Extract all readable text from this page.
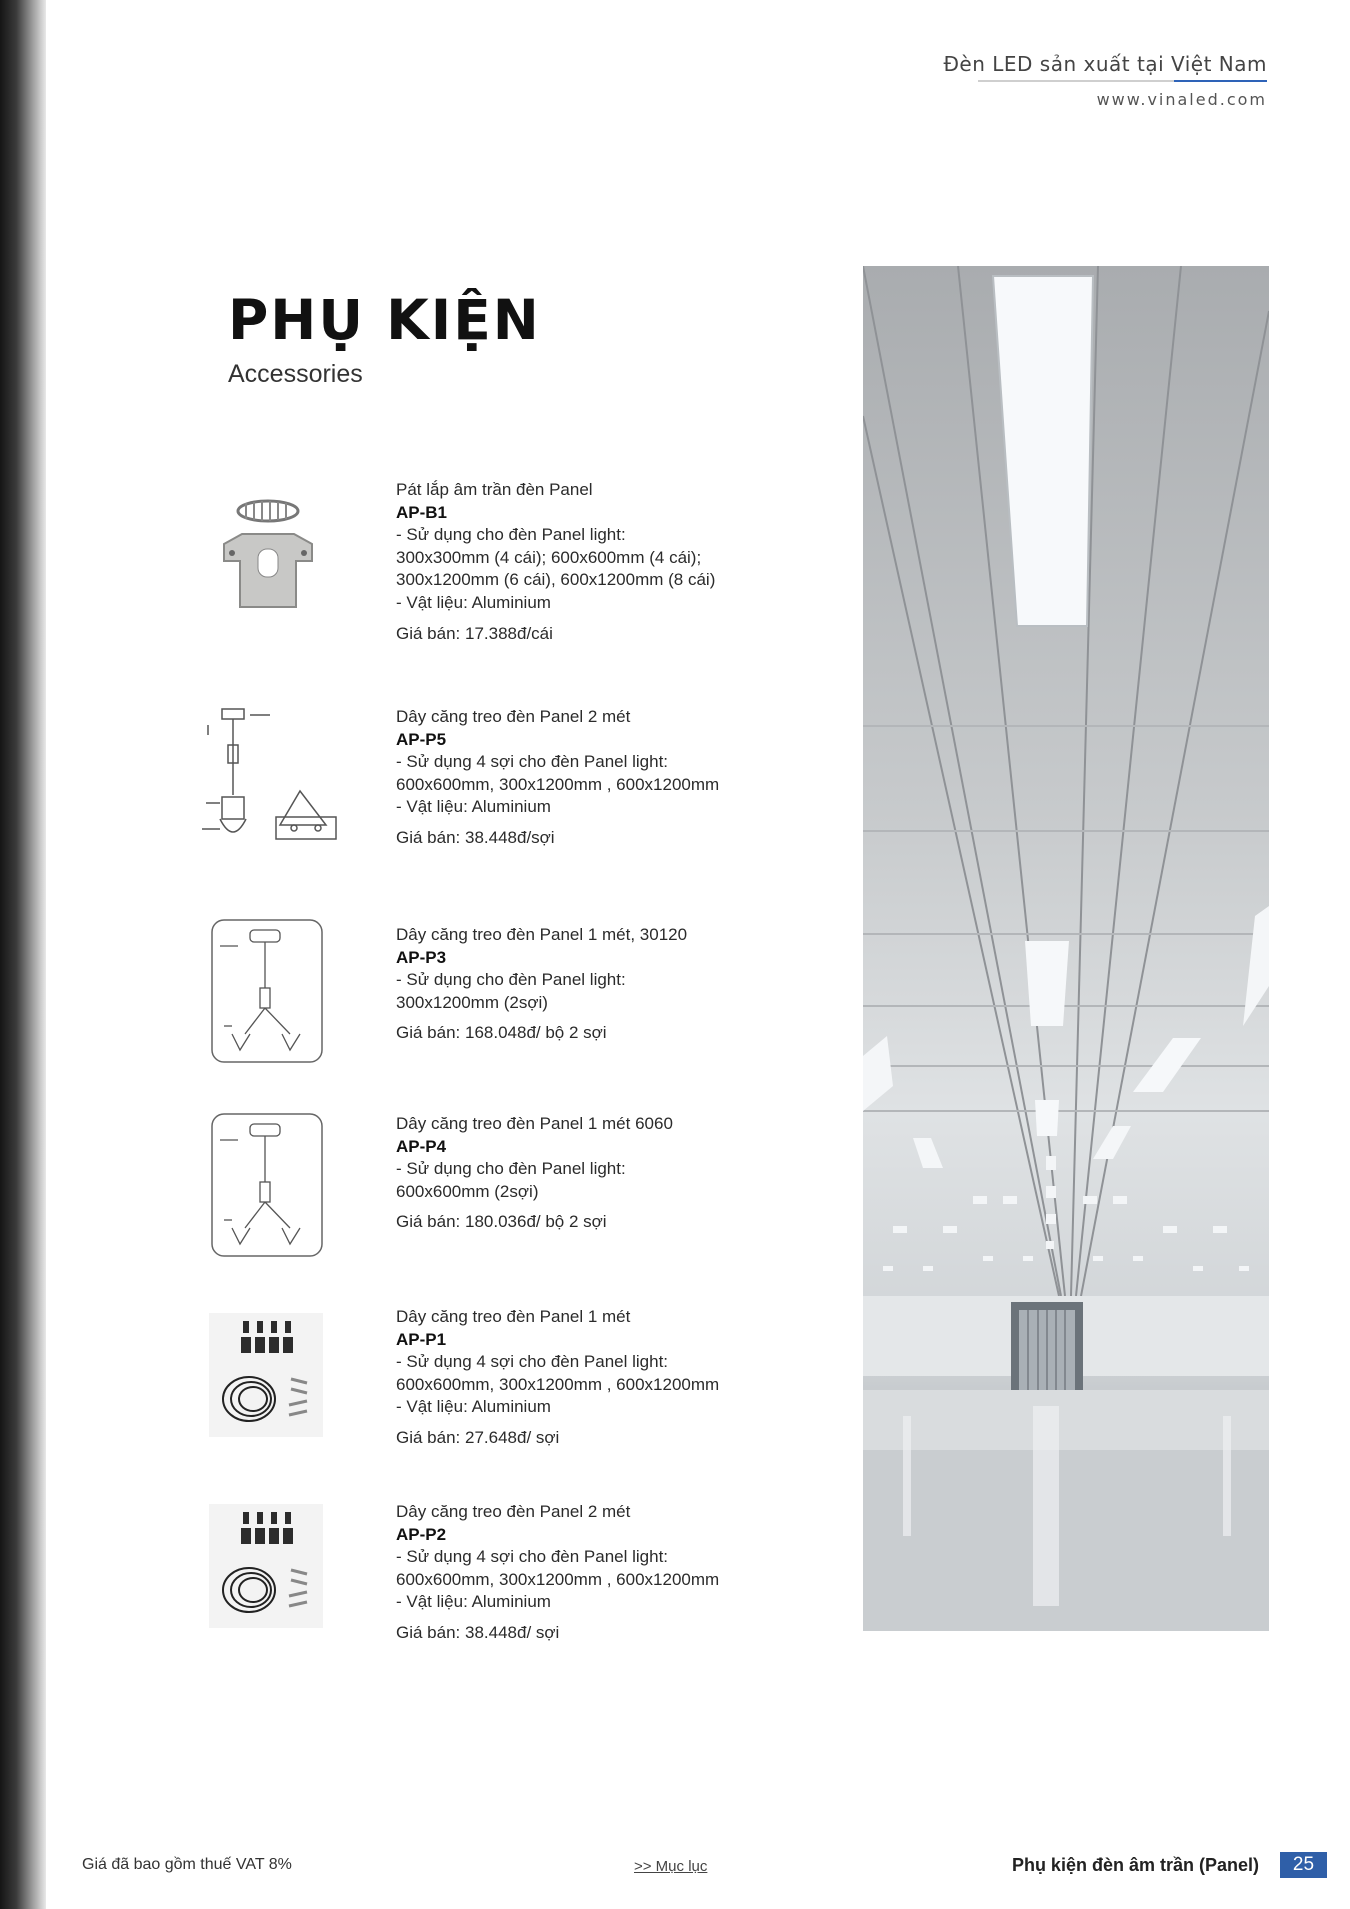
Đèn LED sản xuất tại Việt Nam
www.vinaled.com
PHỤ KIỆN
Accessories
Pát lắp âm trần đèn Panel
AP-B1
- Sử dụng cho đèn Panel light:
300x300mm (4 cái); 600x600mm (4 cái);
300x1200mm (6 cái), 600x1200mm (8 cái)
- Vật liệu: Aluminium
Giá bán: 17.388đ/cái
Dây căng treo đèn Panel 2 mét
AP-P5
- Sử dụng 4 sợi cho đèn Panel light:
600x600mm, 300x1200mm , 600x1200mm
- Vật liệu: Aluminium
Giá bán: 38.448đ/sợi
Dây căng treo đèn Panel 1 mét, 30120
AP-P3
- Sử dụng cho đèn Panel light:
300x1200mm (2sợi)
Giá bán: 168.048đ/ bộ 2 sợi
Dây căng treo đèn Panel 1 mét 6060
AP-P4
- Sử dụng cho đèn Panel light:
600x600mm (2sợi)
Giá bán: 180.036đ/ bộ 2 sợi
Dây căng treo đèn Panel 1 mét
AP-P1
- Sử dụng 4 sợi cho đèn Panel light:
600x600mm, 300x1200mm , 600x1200mm
- Vật liệu: Aluminium
Giá bán: 27.648đ/ sợi
Dây căng treo đèn Panel 2 mét
AP-P2
- Sử dụng 4 sợi cho đèn Panel light:
600x600mm, 300x1200mm , 600x1200mm
- Vật liệu: Aluminium
Giá bán: 38.448đ/ sợi
Giá đã bao gồm thuế VAT 8%	>> Mục lục	Phụ kiện đèn âm trần (Panel)	25
